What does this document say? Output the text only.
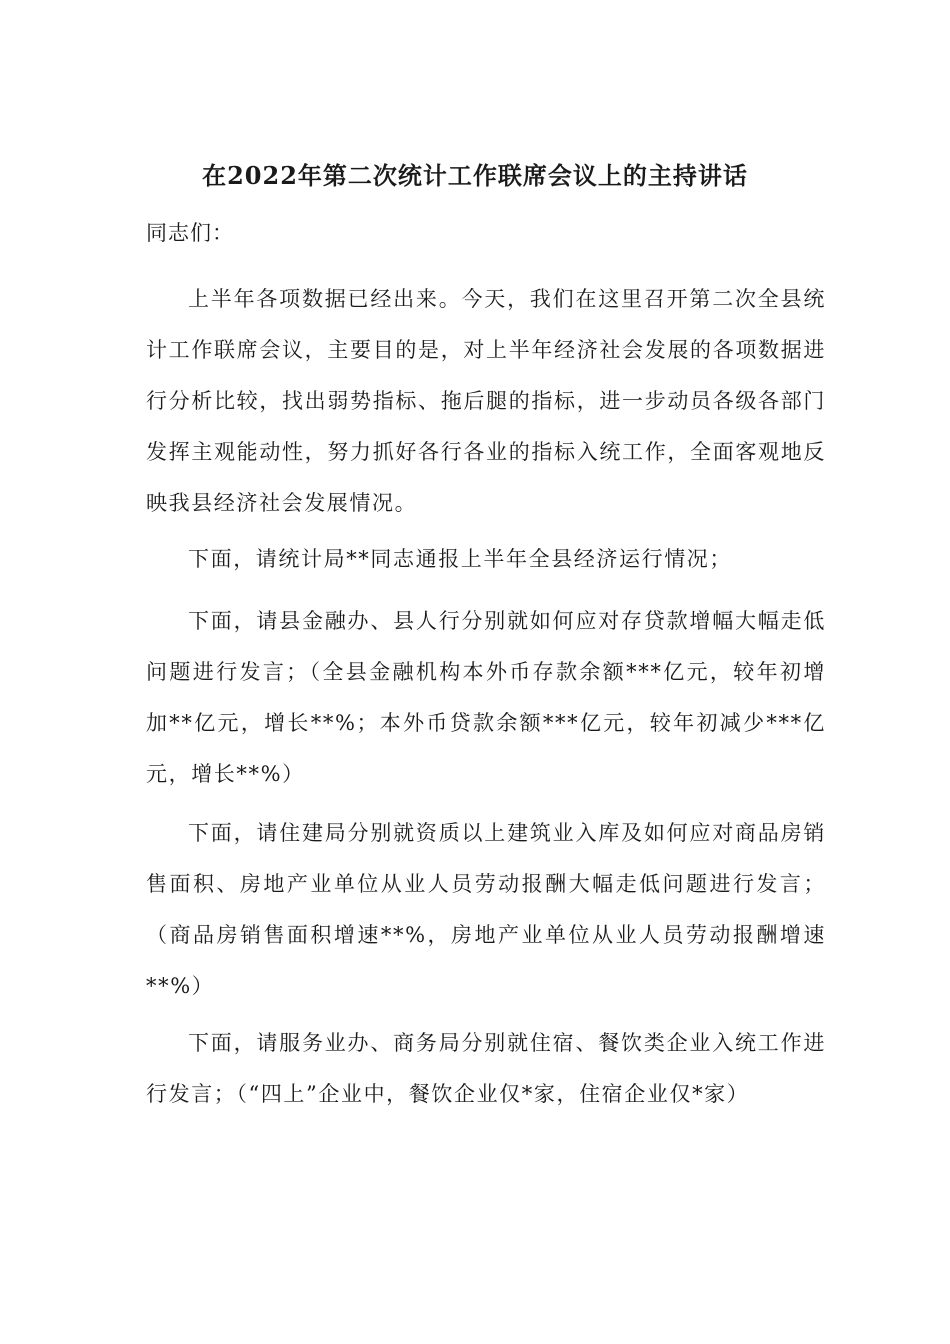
在2022年第二次统计工作联席会议上的主持讲话
同志们：

上半年各项数据已经出来。今天，我们在这里召开第二次全县统计工作联席会议，主要目的是，对上半年经济社会发展的各项数据进行分析比较，找出弱势指标、拖后腿的指标，进一步动员各级各部门发挥主观能动性，努力抓好各行各业的指标入统工作，全面客观地反映我县经济社会发展情况。

下面，请统计局**同志通报上半年全县经济运行情况；

下面，请县金融办、县人行分别就如何应对存贷款增幅大幅走低问题进行发言；（全县金融机构本外币存款余额***亿元，较年初增加**亿元，增长**%；本外币贷款余额***亿元，较年初减少***亿元，增长**%）

下面，请住建局分别就资质以上建筑业入库及如何应对商品房销售面积、房地产业单位从业人员劳动报酬大幅走低问题进行发言；（商品房销售面积增速**%，房地产业单位从业人员劳动报酬增速**%）

下面，请服务业办、商务局分别就住宿、餐饮类企业入统工作进行发言；（“四上”企业中，餐饮企业仅*家，住宿企业仅*家）
